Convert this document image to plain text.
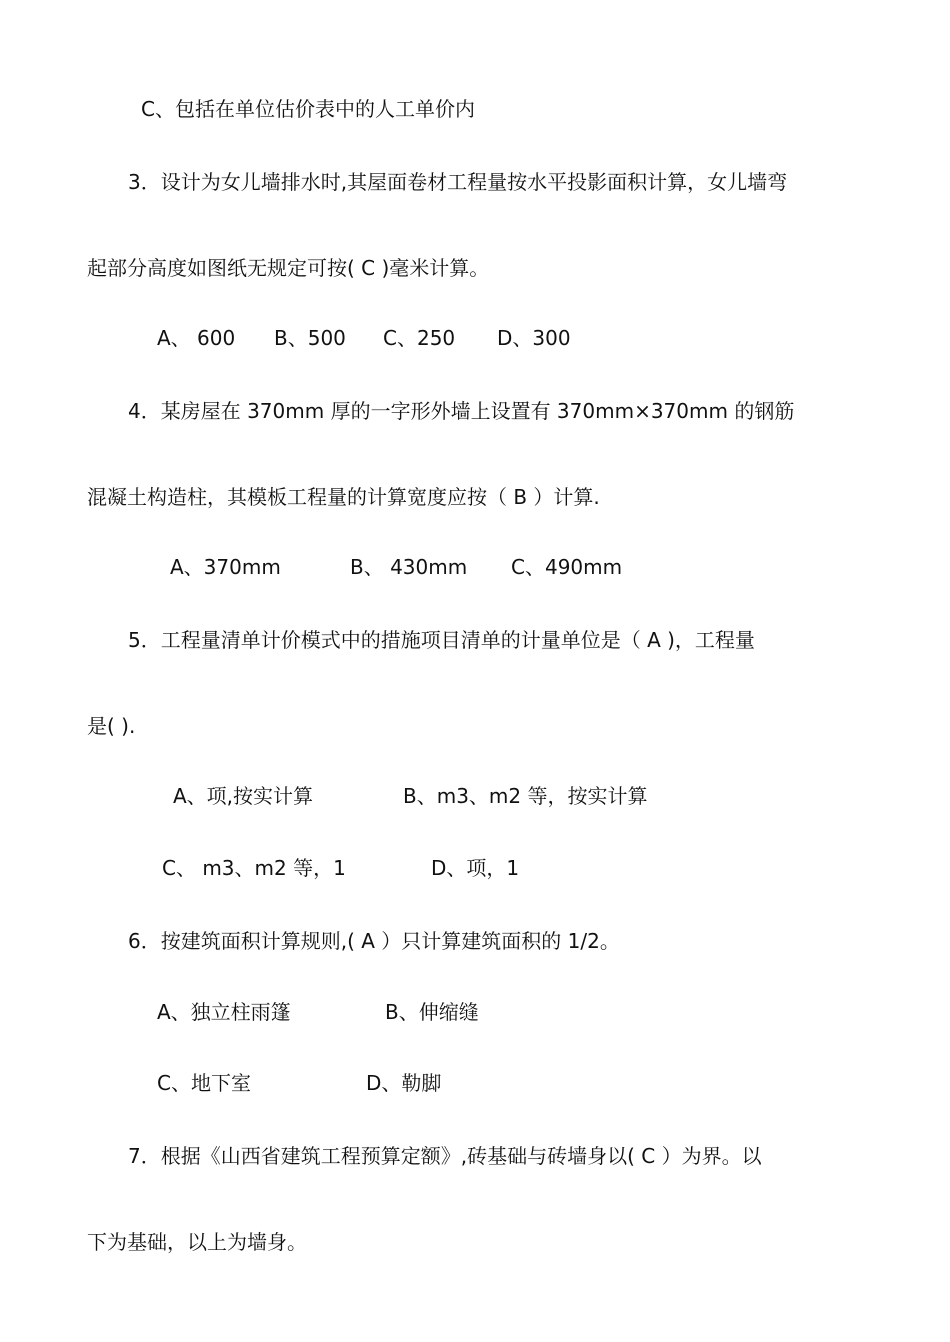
C、包括在单位估价表中的人工单价内
3．设计为女儿墙排水时,其屋面卷材工程量按水平投影面积计算，女儿墙弯
起部分高度如图纸无规定可按( C )毫米计算。
A、 600 B、500 C、250 D、300
4．某房屋在 370mm 厚的一字形外墙上设置有 370mm×370mm 的钢筋
混凝土构造柱，其模板工程量的计算宽度应按（ B ）计算.
A、370mm	B、 430mm C、490mm
5．工程量清单计价模式中的措施项目清单的计量单位是（ A )，工程量
是( ).
A、项,按实计算	B、m3、m2 等，按实计算
C、 m3、m2 等，1	D、项，1
6．按建筑面积计算规则,( A ）只计算建筑面积的 1/2。
A、独立柱雨篷	B、伸缩缝
C、地下室	D、勒脚
7．根据《山西省建筑工程预算定额》,砖基础与砖墙身以( C ）为界。以
下为基础，以上为墙身。
